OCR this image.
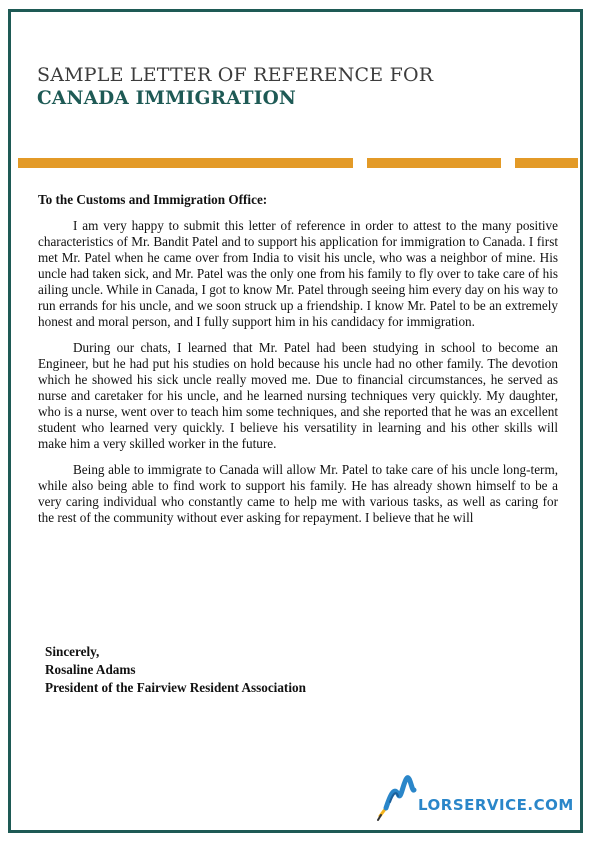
SAMPLE LETTER OF REFERENCE FOR
CANADA IMMIGRATION

To the Customs and Immigration Office:

I am very happy to submit this letter of reference in order to attest to the many positive characteristics of Mr. Bandit Patel and to support his application for immigration to Canada. I first met Mr. Patel when he came over from India to visit his uncle, who was a neighbor of mine. His uncle had taken sick, and Mr. Patel was the only one from his family to fly over to take care of his ailing uncle. While in Canada, I got to know Mr. Patel through seeing him every day on his way to run errands for his uncle, and we soon struck up a friendship. I know Mr. Patel to be an extremely honest and moral person, and I fully support him in his candidacy for immigration.

During our chats, I learned that Mr. Patel had been studying in school to become an Engineer, but he had put his studies on hold because his uncle had no other family. The devotion which he showed his sick uncle really moved me. Due to financial circumstances, he served as nurse and caretaker for his uncle, and he learned nursing techniques very quickly. My daughter, who is a nurse, went over to teach him some techniques, and she reported that he was an excellent student who learned very quickly. I believe his versatility in learning and his other skills will make him a very skilled worker in the future.

Being able to immigrate to Canada will allow Mr. Patel to take care of his uncle long-term, while also being able to find work to support his family. He has already shown himself to be a very caring individual who constantly came to help me with various tasks, as well as caring for the rest of the community without ever asking for repayment. I believe that he will

Sincerely,
Rosaline Adams
President of the Fairview Resident Association
LORSERVICE.COM
